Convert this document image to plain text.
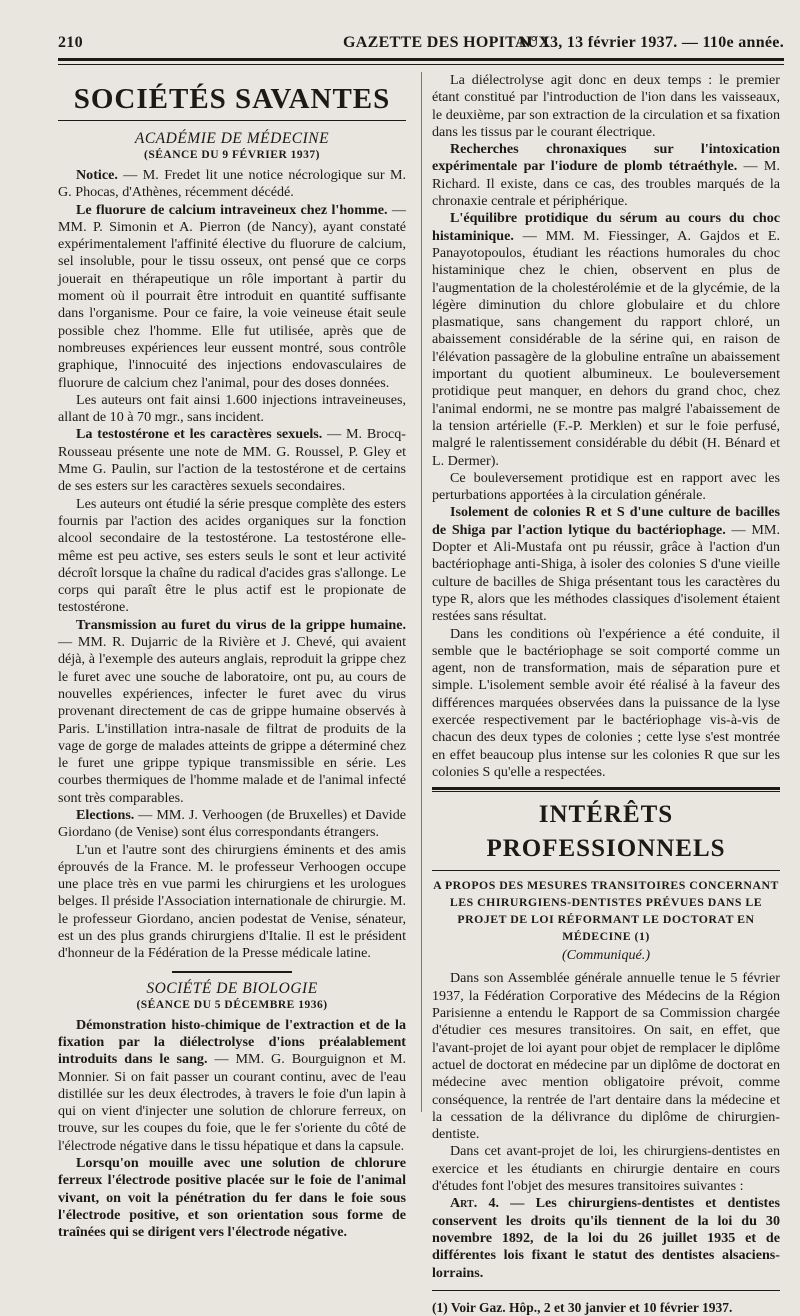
210	GAZETTE DES HOPITAUX
N° 13, 13 février 1937. — 110e année.
SOCIÉTÉS SAVANTES
ACADÉMIE DE MÉDECINE
(SÉANCE DU 9 FÉVRIER 1937)

Notice. — M. Fredet lit une notice nécrologique sur M. G. Phocas, d'Athènes, récemment décédé.

Le fluorure de calcium intraveineux chez l'homme. — MM. P. Simonin et A. Pierron (de Nancy), ayant constaté expérimentalement l'affinité élective du fluorure de calcium, sel insoluble, pour le tissu osseux, ont pensé que ce corps jouerait en thérapeutique un rôle important à partir du moment où il pourrait être introduit en quantité suffisante dans l'organisme. Pour ce faire, la voie veineuse était seule possible chez l'homme. Elle fut utilisée, après que de nombreuses expériences leur eussent montré, sous contrôle graphique, l'innocuité des injections endovasculaires de fluorure de calcium chez l'animal, pour des doses données.

Les auteurs ont fait ainsi 1.600 injections intraveineuses, allant de 10 à 70 mgr., sans incident.

La testostérone et les caractères sexuels. — M. Brocq-Rousseau présente une note de MM. G. Roussel, P. Gley et Mme G. Paulin, sur l'action de la testostérone et de certains de ses esters sur les caractères sexuels secondaires.

Les auteurs ont étudié la série presque complète des esters fournis par l'action des acides organiques sur la fonction alcool secondaire de la testostérone. La testostérone elle-même est peu active, ses esters seuls le sont et leur activité décroît lorsque la chaîne du radical d'acides gras s'allonge. Le corps qui paraît être le plus actif est le propionate de testostérone.

Transmission au furet du virus de la grippe humaine. — MM. R. Dujarric de la Rivière et J. Chevé, qui avaient déjà, à l'exemple des auteurs anglais, reproduit la grippe chez le furet avec une souche de laboratoire, ont pu, au cours de nouvelles expériences, infecter le furet avec du virus provenant directement de cas de grippe humaine observés à Paris. L'instillation intra-nasale de filtrat de produits de la vage de gorge de malades atteints de grippe a déterminé chez le furet une grippe typique transmissible en série. Les courbes thermiques de l'homme malade et de l'animal infecté sont très comparables.

Elections. — MM. J. Verhoogen (de Bruxelles) et Davide Giordano (de Venise) sont élus correspondants étrangers.

L'un et l'autre sont des chirurgiens éminents et des amis éprouvés de la France. M. le professeur Verhoogen occupe une place très en vue parmi les chirurgiens et les urologues belges. Il préside l'Association internationale de chirurgie. M. le professeur Giordano, ancien podestat de Venise, sénateur, est un des plus grands chirurgiens d'Italie. Il est le président d'honneur de la Fédération de la Presse médicale latine.

SOCIÉTÉ DE BIOLOGIE
(SÉANCE DU 5 DÉCEMBRE 1936)

Démonstration histo-chimique de l'extraction et de la fixation par la diélectrolyse d'ions préalablement introduits dans le sang. — MM. G. Bourguignon et M. Monnier. Si on fait passer un courant continu, avec de l'eau distillée sur les deux électrodes, à travers le foie d'un lapin à qui on vient d'injecter une solution de chlorure ferreux, on trouve, sur les coupes du foie, que le fer s'oriente du côté de l'électrode négative dans le tissu hépatique et dans la capsule.

Lorsqu'on mouille avec une solution de chlorure ferreux l'électrode positive placée sur le foie de l'animal vivant, on voit la pénétration du fer dans le foie sous l'électrode positive, et son orientation sous forme de traînées qui se dirigent vers l'électrode négative.

La diélectrolyse agit donc en deux temps : le premier étant constitué par l'introduction de l'ion dans les vaisseaux, le deuxième, par son extraction de la circulation et sa fixation dans les tissus par le courant électrique.

Recherches chronaxiques sur l'intoxication expérimentale par l'iodure de plomb tétraéthyle. — M. Richard. Il existe, dans ce cas, des troubles marqués de la chronaxie centrale et périphérique.

L'équilibre protidique du sérum au cours du choc histaminique. — MM. M. Fiessinger, A. Gajdos et E. Panayotopoulos, étudiant les réactions humorales du choc histaminique chez le chien, observent en plus de l'augmentation de la cholestérolémie et de la glycémie, de la légère diminution du chlore globulaire et du chlore plasmatique, sans changement du rapport chloré, un abaissement considérable de la sérine qui, en raison de l'élévation passagère de la globuline entraîne un abaissement important du quotient albumineux. Le bouleversement protidique peut manquer, en dehors du grand choc, chez l'animal endormi, ne se montre pas malgré l'abaissement de la tension artérielle (F.-P. Merklen) et sur le foie perfusé, malgré le ralentissement considérable du débit (H. Bénard et L. Dermer).

Ce bouleversement protidique est en rapport avec les perturbations apportées à la circulation générale.

Isolement de colonies R et S d'une culture de bacilles de Shiga par l'action lytique du bactériophage. — MM. Dopter et Ali-Mustafa ont pu réussir, grâce à l'action d'un bactériophage anti-Shiga, à isoler des colonies S d'une vieille culture de bacilles de Shiga présentant tous les caractères du type R, alors que les méthodes classiques d'isolement étaient restées sans résultat.

Dans les conditions où l'expérience a été conduite, il semble que le bactériophage se soit comporté comme un agent, non de transformation, mais de séparation pure et simple. L'isolement semble avoir été réalisé à la faveur des différences marquées observées dans la puissance de la lyse exercée respectivement par le bactériophage vis-à-vis de chacun des deux types de colonies ; cette lyse s'est montrée en effet beaucoup plus intense sur les colonies R que sur les colonies S qu'elle a respectées.

INTÉRÊTS PROFESSIONNELS
A PROPOS DES MESURES TRANSITOIRES CONCERNANT LES CHIRURGIENS-DENTISTES PRÉVUES DANS LE PROJET DE LOI RÉFORMANT LE DOCTORAT EN MÉDECINE (1)
(Communiqué.)

Dans son Assemblée générale annuelle tenue le 5 février 1937, la Fédération Corporative des Médecins de la Région Parisienne a entendu le Rapport de sa Commission chargée d'étudier ces mesures transitoires. On sait, en effet, que l'avant-projet de loi ayant pour objet de remplacer le diplôme actuel de doctorat en médecine par un diplôme de doctorat en médecine avec mention obligatoire prévoit, comme conséquence, la rentrée de l'art dentaire dans la médecine et la cessation de la délivrance du diplôme de chirurgien-dentiste.

Dans cet avant-projet de loi, les chirurgiens-dentistes en exercice et les étudiants en chirurgie dentaire en cours d'études font l'objet des mesures transitoires suivantes :

Art. 4. — Les chirurgiens-dentistes et dentistes conservent les droits qu'ils tiennent de la loi du 30 novembre 1892, de la loi du 26 juillet 1935 et de différentes lois fixant le statut des dentistes alsaciens-lorrains.

(1) Voir Gaz. Hôp., 2 et 30 janvier et 10 février 1937.
